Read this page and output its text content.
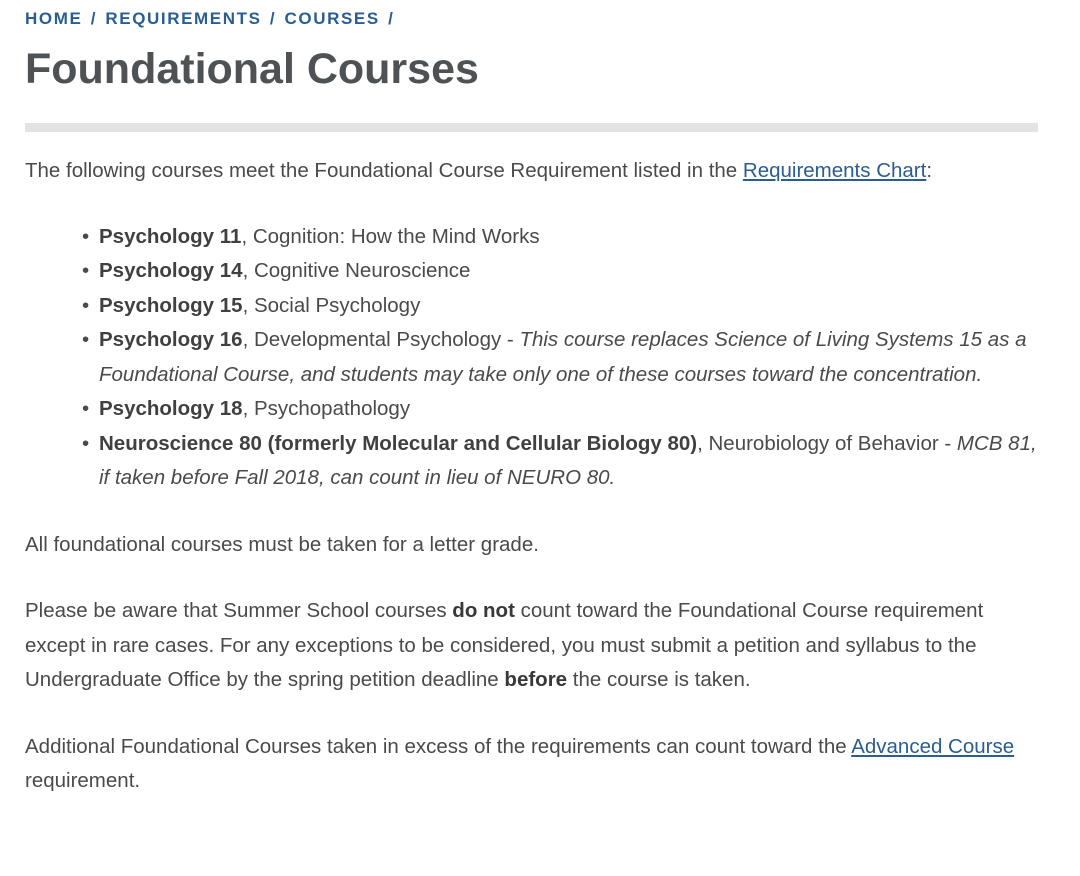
HOME / REQUIREMENTS / COURSES /
Foundational Courses

The following courses meet the Foundational Course Requirement listed in the Requirements Chart:

• Psychology 11, Cognition: How the Mind Works
• Psychology 14, Cognitive Neuroscience
• Psychology 15, Social Psychology
• Psychology 16, Developmental Psychology - This course replaces Science of Living Systems 15 as a Foundational Course, and students may take only one of these courses toward the concentration.
• Psychology 18, Psychopathology
• Neuroscience 80 (formerly Molecular and Cellular Biology 80), Neurobiology of Behavior - MCB 81, if taken before Fall 2018, can count in lieu of NEURO 80.

All foundational courses must be taken for a letter grade.

Please be aware that Summer School courses do not count toward the Foundational Course requirement except in rare cases. For any exceptions to be considered, you must submit a petition and syllabus to the Undergraduate Office by the spring petition deadline before the course is taken.

Additional Foundational Courses taken in excess of the requirements can count toward the Advanced Course requirement.
